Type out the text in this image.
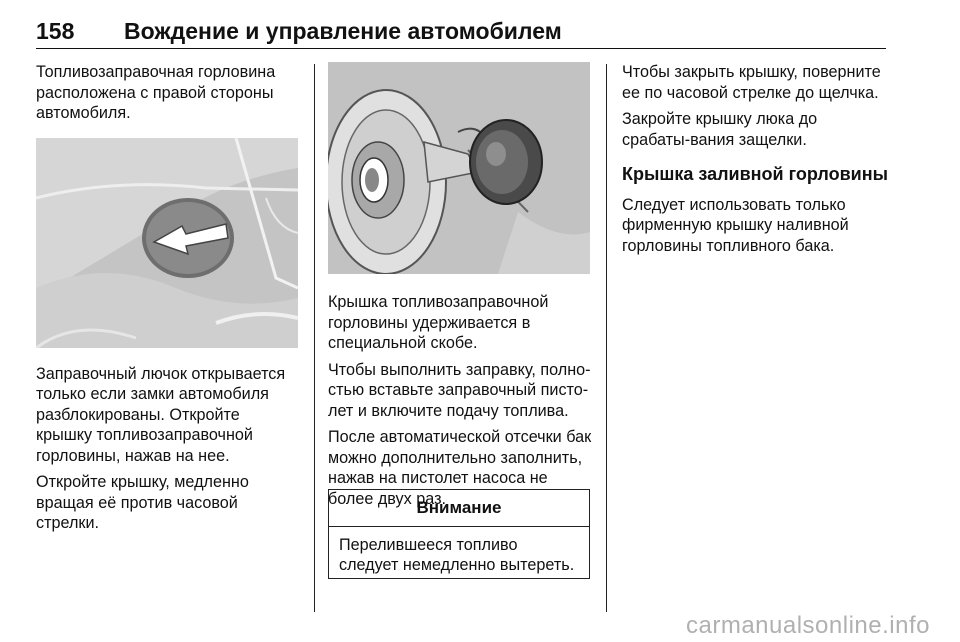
158 Вождение и управление автомобилем

Топливозаправочная горловина расположена с правой стороны автомобиля.

Заправочный лючок открывается только если замки автомобиля разблокированы. Откройте крышку топливозаправочной горловины, нажав на нее.

Откройте крышку, медленно вращая её против часовой стрелки.

Крышка топливозаправочной горловины удерживается в специальной скобе.

Чтобы выполнить заправку, полно-стью вставьте заправочный писто-лет и включите подачу топлива.

После автоматической отсечки бак можно дополнительно заполнить, нажав на пистолет насоса не более двух раз.

Внимание
Перелившееся топливо следует немедленно вытереть.

Чтобы закрыть крышку, поверните ее по часовой стрелке до щелчка.

Закройте крышку люка до срабаты-вания защелки.

Крышка заливной горловины

Следует использовать только фирменную крышку наливной горловины топливного бака.

carmanualsonline.info
